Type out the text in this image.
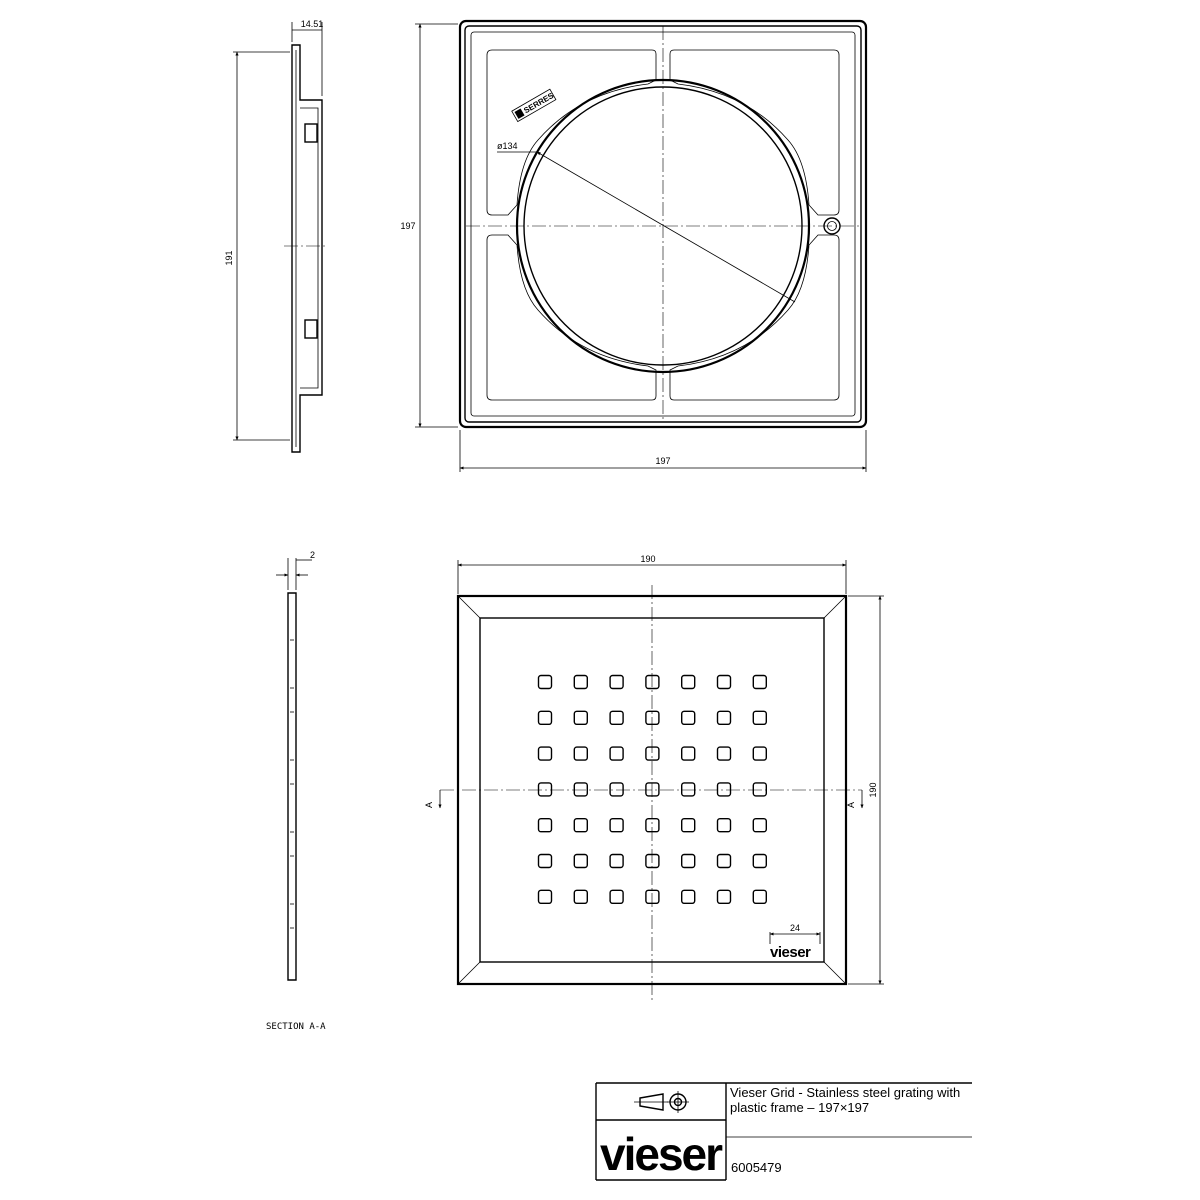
191
14.51
ø134
SERRES
197
197
2
SECTION A-A
A	A
190
190
24
vieser
vieser
Vieser Grid - Stainless steel grating with
plastic frame – 197×197
6005479
